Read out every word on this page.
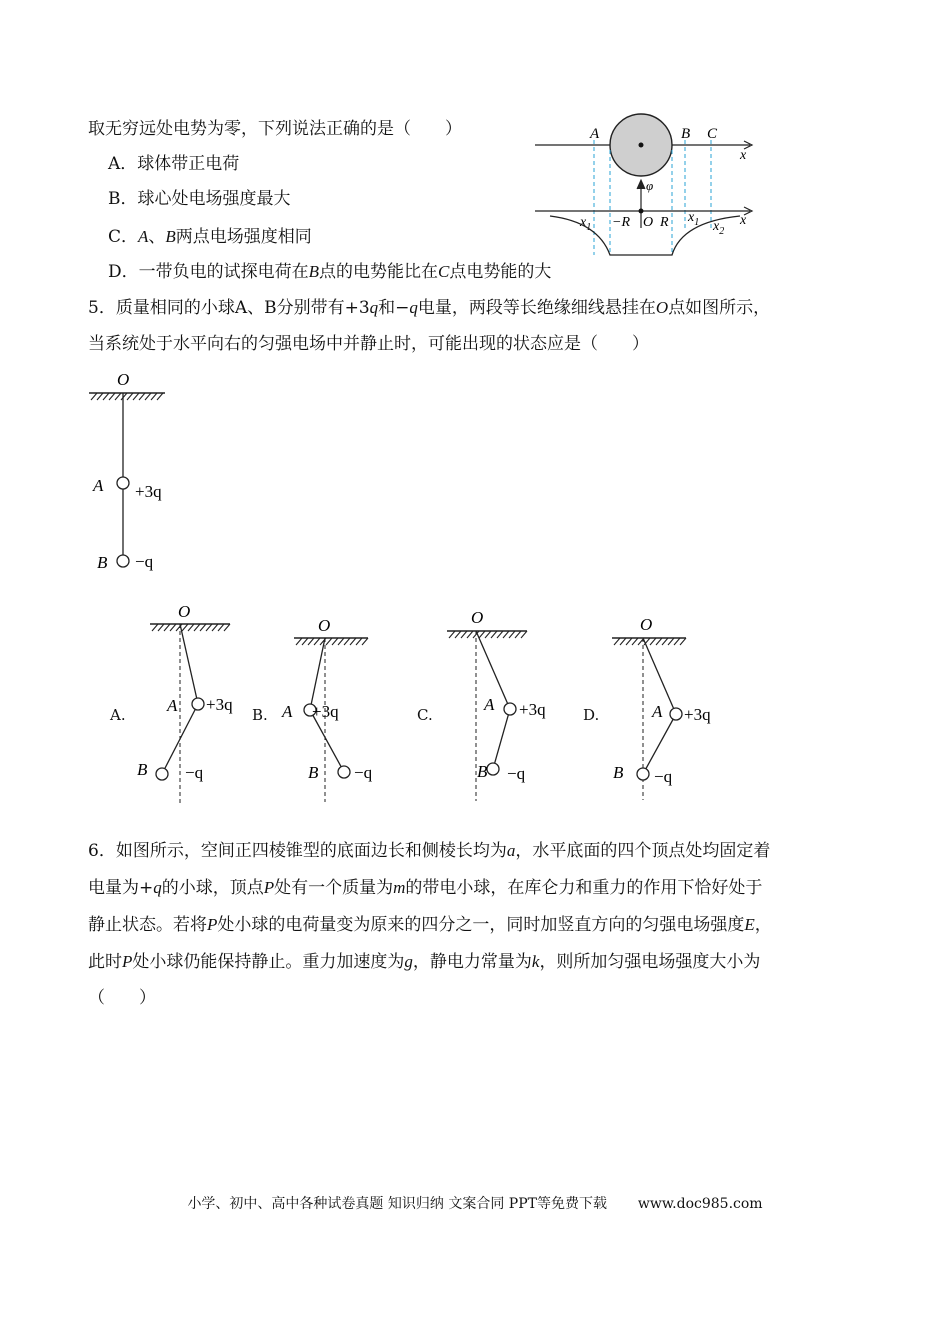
取无穷远处电势为零，下列说法正确的是（　　）
A．球体带正电荷
B．球心处电场强度最大
C．A、B两点电场强度相同
D．一带负电的试探电荷在B点的电势能比在C点电势能的大
A	B C
x
φ
x
$x_1 -R$ O R $x_1$ $x_2$
5．质量相同的小球A、B分别带有+3q和−q电量，两段等长绝缘细线悬挂在O点如图所示，
当系统处于水平向右的匀强电场中并静止时，可能出现的状态应是（　　）
O
A +3q
B −q
A.
O
A +3q
B −q
B.
O
A +3q
B −q
C.
O
A +3q
B −q
D.
O
A +3q
B −q
6．如图所示，空间正四棱锥型的底面边长和侧棱长均为a，水平底面的四个顶点处均固定着
电量为+q的小球，顶点P处有一个质量为m的带电小球，在库仑力和重力的作用下恰好处于
静止状态。若将P处小球的电荷量变为原来的四分之一，同时加竖直方向的匀强电场强度E，
此时P处小球仍能保持静止。重力加速度为g，静电力常量为k，则所加匀强电场强度大小为
（　　）
小学、初中、高中各种试卷真题 知识归纳 文案合同 PPT等免费下载 www.doc985.com
